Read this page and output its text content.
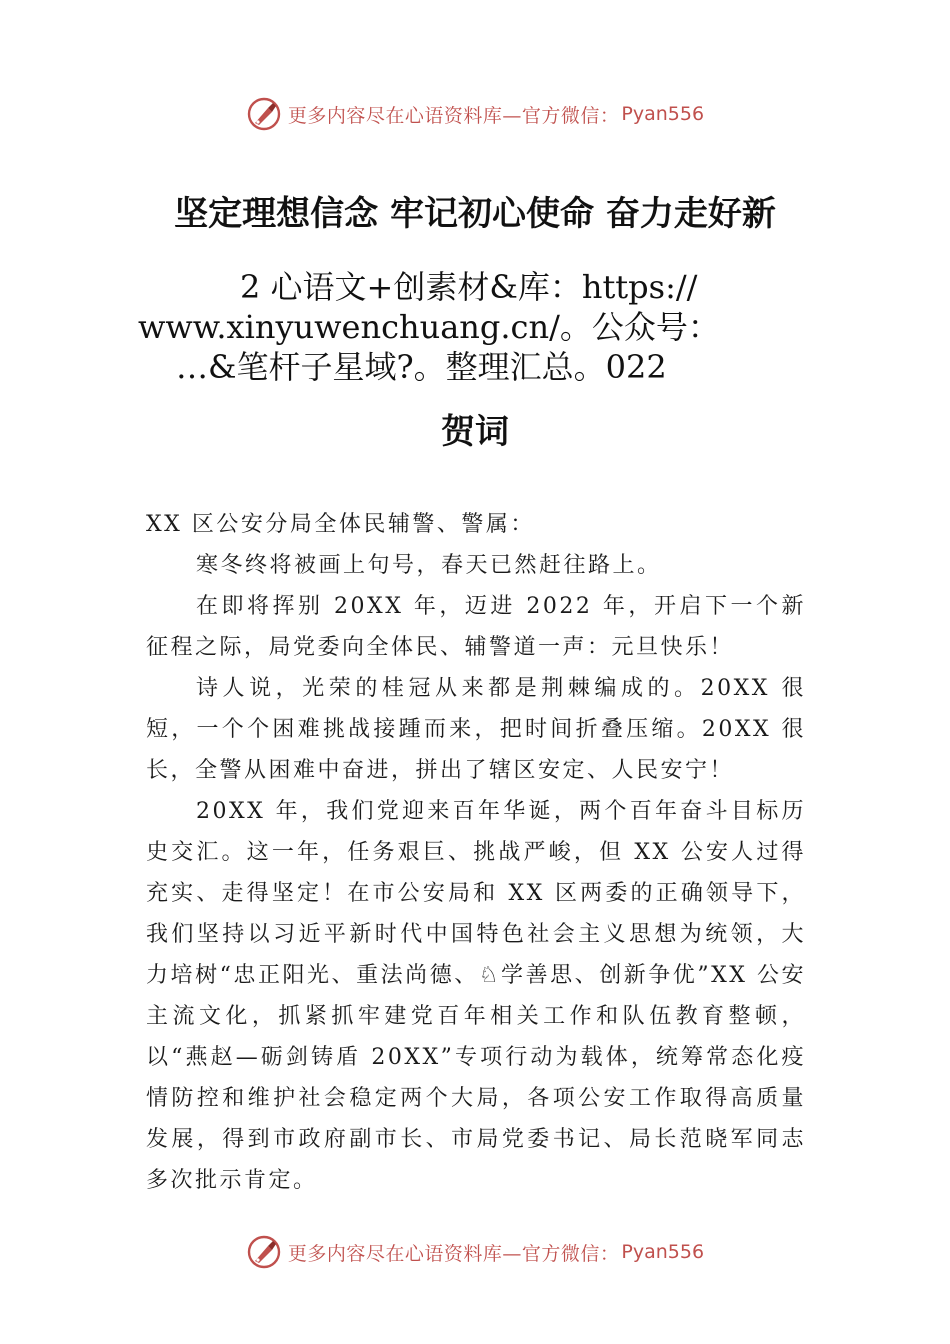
更多内容尽在心语资料库—官方微信： Pyan556
坚定理想信念 牢记初心使命 奋力走好新
2 心语文+创素材&库：https://
www.xinyuwenchuang.cn/。公众号：
…&笔杆子星域?。整理汇总。022
贺词

XX 区公安分局全体民辅警、警属：

寒冬终将被画上句号，春天已然赶往路上。

在即将挥别 20XX 年，迈进 2022 年，开启下一个新征程之际，局党委向全体民、辅警道一声：元旦快乐！

诗人说，光荣的桂冠从来都是荆棘编成的。20XX 很短，一个个困难挑战接踵而来，把时间折叠压缩。20XX 很长，全警从困难中奋进，拼出了辖区安定、人民安宁！

20XX 年，我们党迎来百年华诞，两个百年奋斗目标历史交汇。这一年，任务艰巨、挑战严峻，但 XX 公安人过得充实、走得坚定！在市公安局和 XX 区两委的正确领导下，我们坚持以习近平新时代中国特色社会主义思想为统领，大力培树“忠正阳光、重法尚德、♘学善思、创新争优”XX 公安主流文化，抓紧抓牢建党百年相关工作和队伍教育整顿， 以“燕赵—砺剑铸盾 20XX”专项行动为载体，统筹常态化疫情防控和维护社会稳定两个大局，各项公安工作取得高质量发展，得到市政府副市长、市局党委书记、局长范晓军同志多次批示肯定。

更多内容尽在心语资料库—官方微信： Pyan556
